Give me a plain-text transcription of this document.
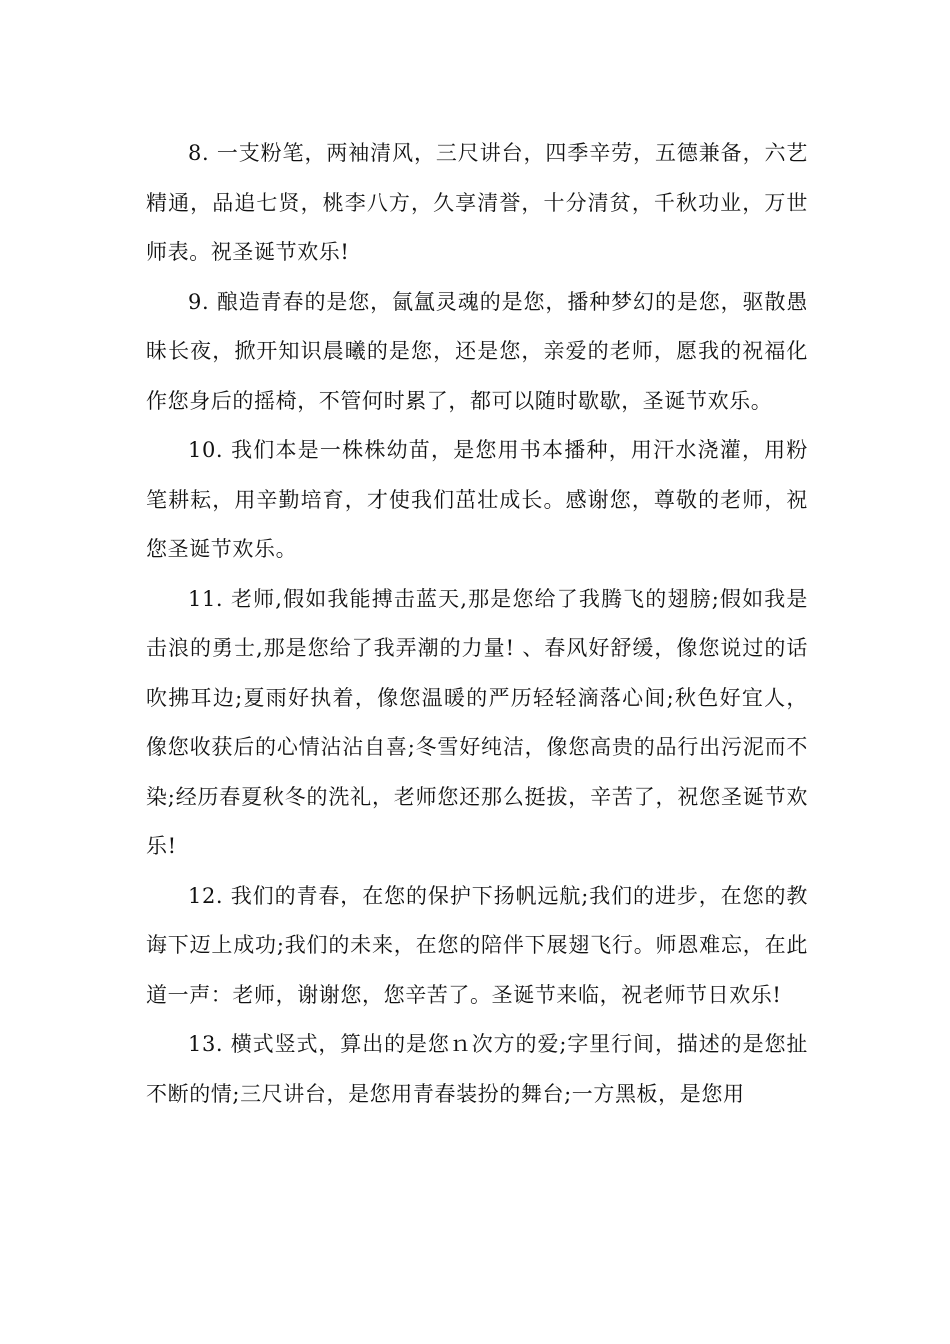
8. 一支粉笔，两袖清风，三尺讲台，四季辛劳，五德兼备，六艺精通，品追七贤，桃李八方，久享清誉，十分清贫，千秋功业，万世师表。祝圣诞节欢乐!

9. 酿造青春的是您，氤氲灵魂的是您，播种梦幻的是您，驱散愚昧长夜，掀开知识晨曦的是您，还是您，亲爱的老师，愿我的祝福化作您身后的摇椅，不管何时累了，都可以随时歇歇，圣诞节欢乐。

10. 我们本是一株株幼苗，是您用书本播种，用汗水浇灌，用粉笔耕耘，用辛勤培育，才使我们茁壮成长。感谢您，尊敬的老师，祝您圣诞节欢乐。

11. 老师,假如我能搏击蓝天,那是您给了我腾飞的翅膀;假如我是击浪的勇士,那是您给了我弄潮的力量! 、春风好舒缓，像您说过的话吹拂耳边;夏雨好执着，像您温暖的严历轻轻滴落心间;秋色好宜人，像您收获后的心情沾沾自喜;冬雪好纯洁，像您高贵的品行出污泥而不染;经历春夏秋冬的洗礼，老师您还那么挺拔，辛苦了，祝您圣诞节欢乐!

12. 我们的青春，在您的保护下扬帆远航;我们的进步，在您的教诲下迈上成功;我们的未来，在您的陪伴下展翅飞行。师恩难忘，在此道一声：老师，谢谢您，您辛苦了。圣诞节来临，祝老师节日欢乐!

13. 横式竖式，算出的是您ｎ次方的爱;字里行间，描述的是您扯不断的情;三尺讲台，是您用青春装扮的舞台;一方黑板，是您用
